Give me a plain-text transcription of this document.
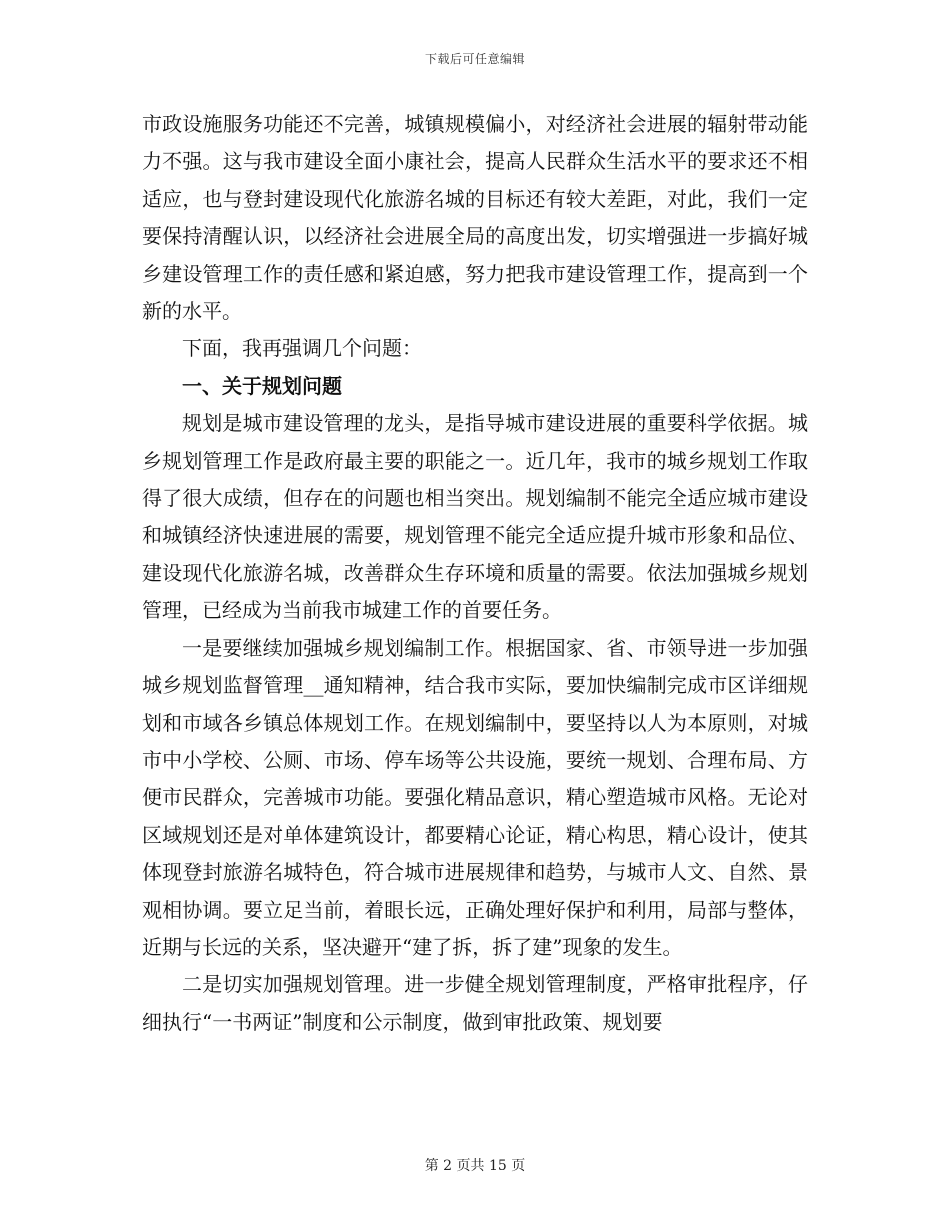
下载后可任意编辑

市政设施服务功能还不完善，城镇规模偏小，对经济社会进展的辐射带动能力不强。这与我市建设全面小康社会，提高人民群众生活水平的要求还不相适应，也与登封建设现代化旅游名城的目标还有较大差距，对此，我们一定要保持清醒认识，以经济社会进展全局的高度出发，切实增强进一步搞好城乡建设管理工作的责任感和紧迫感，努力把我市建设管理工作，提高到一个新的水平。

下面，我再强调几个问题：

一、关于规划问题

规划是城市建设管理的龙头，是指导城市建设进展的重要科学依据。城乡规划管理工作是政府最主要的职能之一。近几年，我市的城乡规划工作取得了很大成绩，但存在的问题也相当突出。规划编制不能完全适应城市建设和城镇经济快速进展的需要，规划管理不能完全适应提升城市形象和品位、建设现代化旅游名城，改善群众生存环境和质量的需要。依法加强城乡规划管理，已经成为当前我市城建工作的首要任务。

一是要继续加强城乡规划编制工作。根据国家、省、市领导进一步加强城乡规划监督管理__通知精神，结合我市实际，要加快编制完成市区详细规划和市域各乡镇总体规划工作。在规划编制中，要坚持以人为本原则，对城市中小学校、公厕、市场、停车场等公共设施，要统一规划、合理布局、方便市民群众，完善城市功能。要强化精品意识，精心塑造城市风格。无论对区域规划还是对单体建筑设计，都要精心论证，精心构思，精心设计，使其体现登封旅游名城特色，符合城市进展规律和趋势，与城市人文、自然、景观相协调。要立足当前，着眼长远，正确处理好保护和利用，局部与整体，近期与长远的关系，坚决避开“建了拆，拆了建”现象的发生。

二是切实加强规划管理。进一步健全规划管理制度，严格审批程序，仔细执行“一书两证”制度和公示制度，做到审批政策、规划要

第 2 页共 15 页
